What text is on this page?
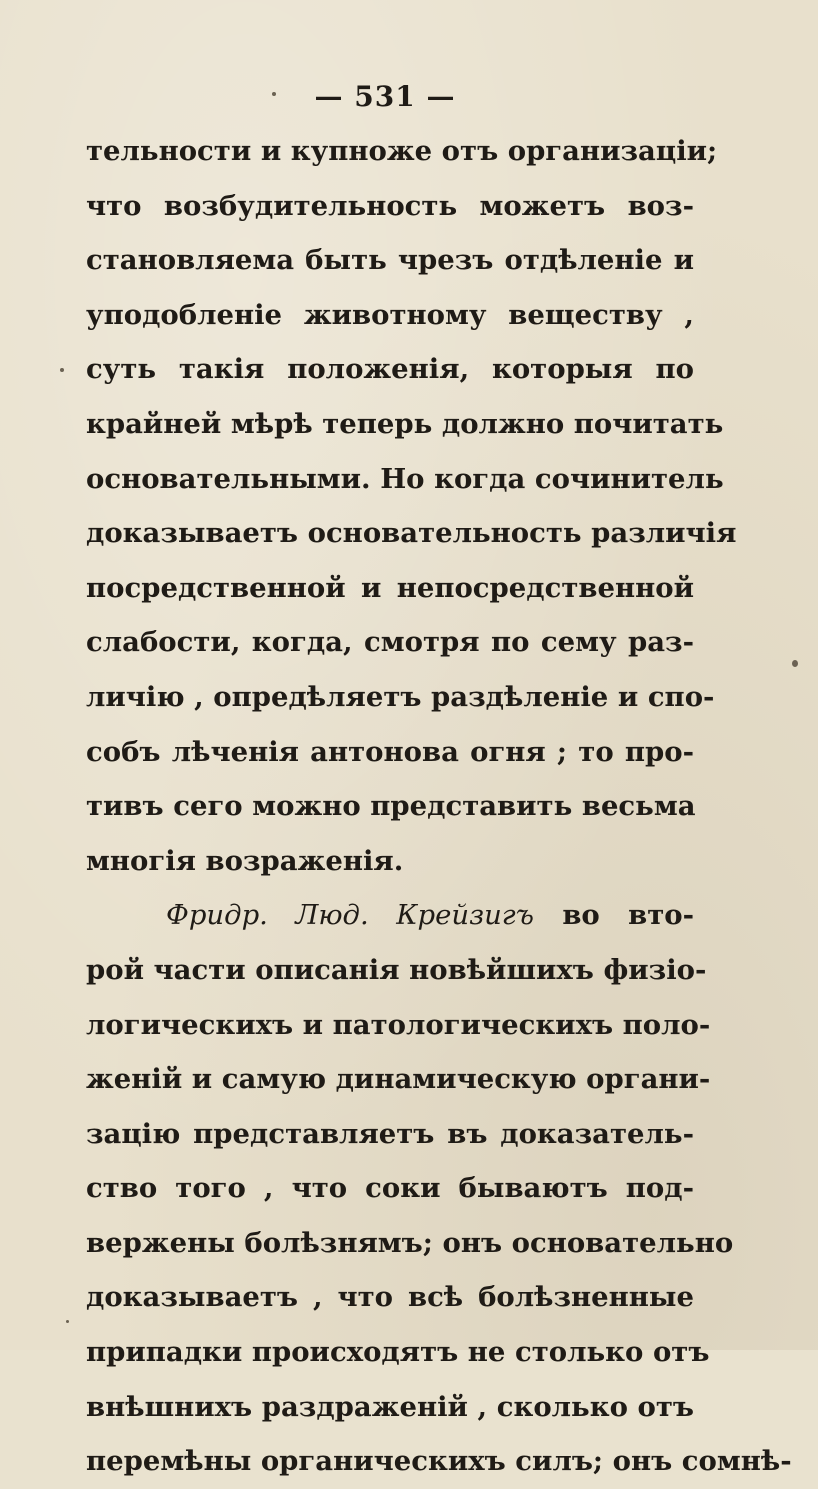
— 531 —
тельности и купноже отъ организаціи;
что возбудительность можетъ воз-
становляема быть чрезъ отдѣленіе и
уподобленіе животному веществу ,
суть такія положенія, которыя по
крайней мѣрѣ теперь должно почитать
основательными. Но когда сочинитель
доказываетъ основательность различія
посредственной и непосредственной
слабости, когда, смотря по сему раз-
личію , опредѣляетъ раздѣленіе и спо-
собъ лѣченія антонова огня ; то про-
тивъ сего можно представить весьма
многія возраженія.
Фридр. Люд. Крейзигъ во вто-
рой части описанія новѣйшихъ физіо-
логическихъ и патологическихъ поло-
женій и самую динамическую органи-
зацію представляетъ въ доказатель-
ство того , что соки бываютъ под-
вержены болѣзнямъ; онъ основательно
доказываетъ , что всѣ болѣзненные
припадки происходятъ не столько отъ
внѣшнихъ раздраженій , сколько отъ
перемѣны органическихъ силъ; онъ сомнѣ-
